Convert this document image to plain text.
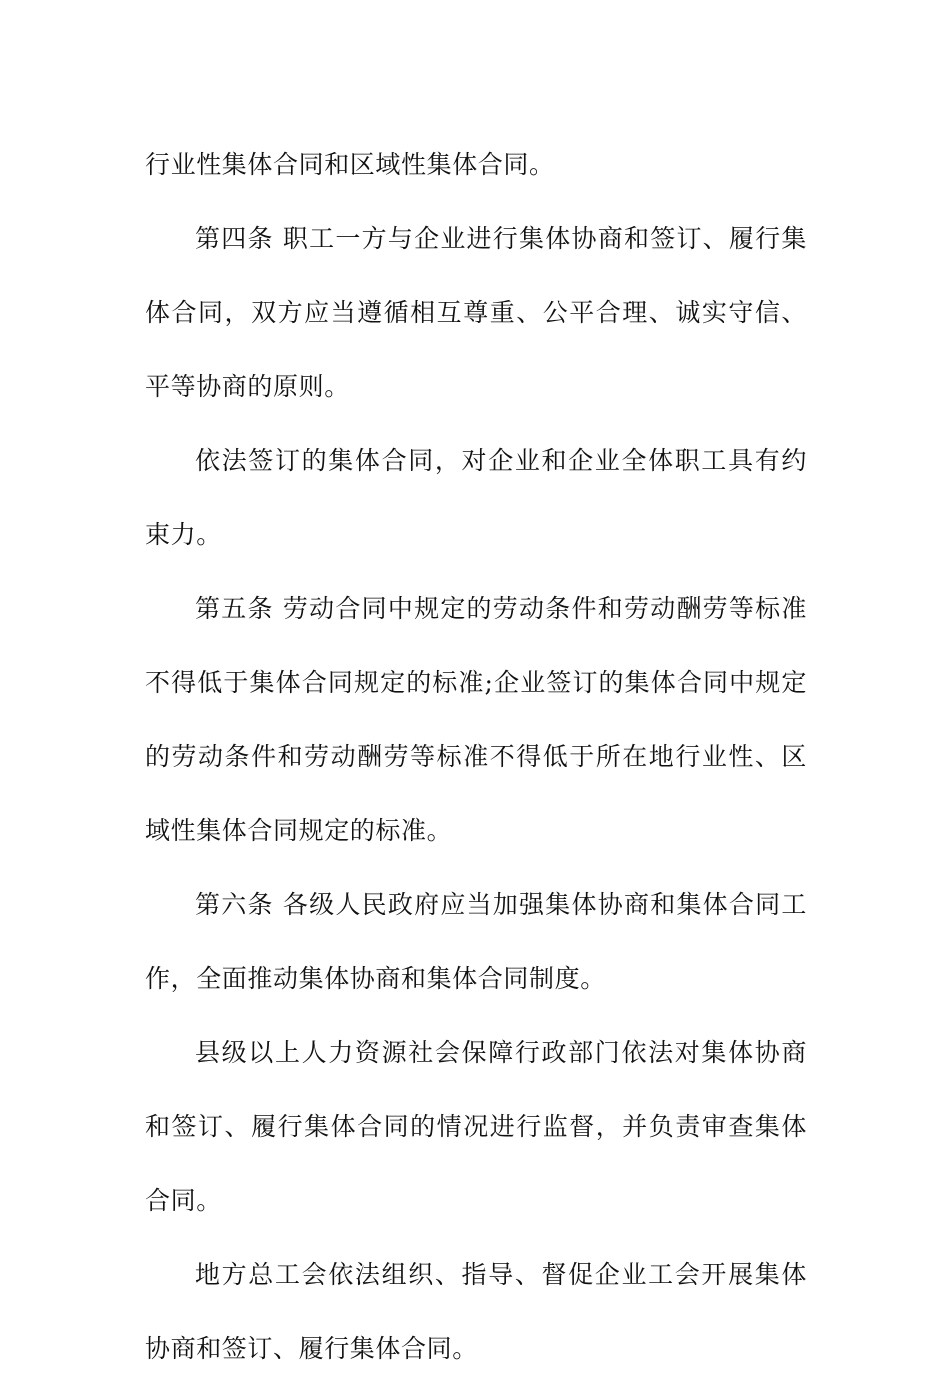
行业性集体合同和区域性集体合同。

第四条 职工一方与企业进行集体协商和签订、履行集体合同，双方应当遵循相互尊重、公平合理、诚实守信、平等协商的原则。

依法签订的集体合同，对企业和企业全体职工具有约束力。

第五条 劳动合同中规定的劳动条件和劳动酬劳等标准不得低于集体合同规定的标准;企业签订的集体合同中规定的劳动条件和劳动酬劳等标准不得低于所在地行业性、区域性集体合同规定的标准。

第六条 各级人民政府应当加强集体协商和集体合同工作，全面推动集体协商和集体合同制度。

县级以上人力资源社会保障行政部门依法对集体协商和签订、履行集体合同的情况进行监督，并负责审查集体合同。

地方总工会依法组织、指导、督促企业工会开展集体协商和签订、履行集体合同。
